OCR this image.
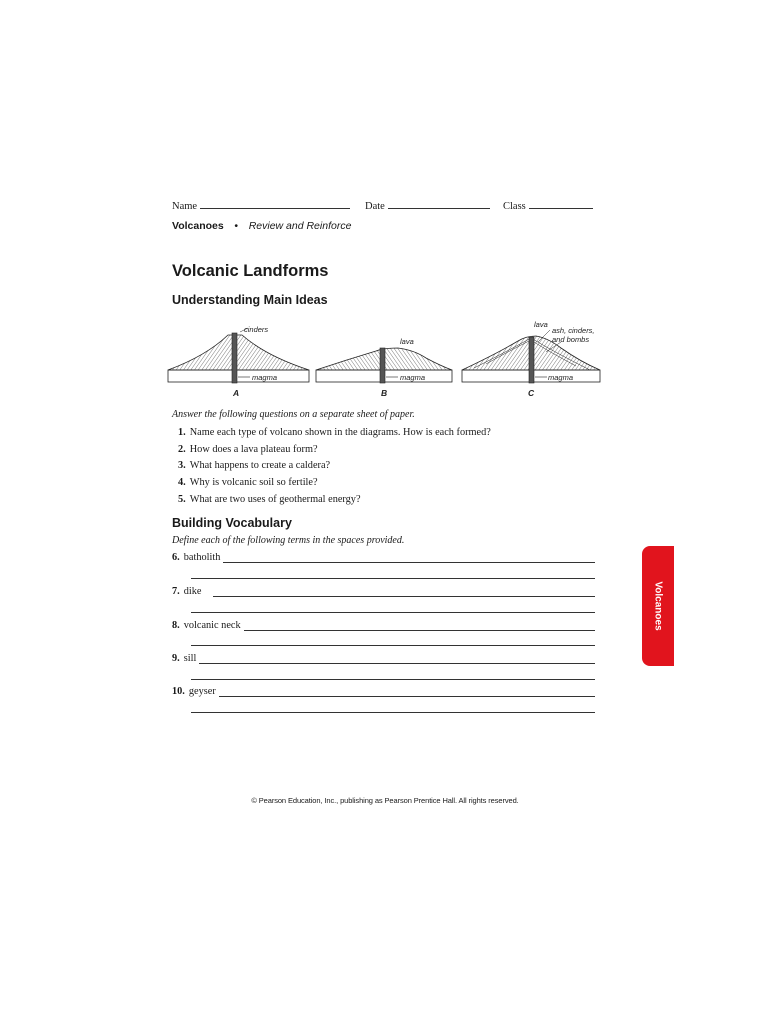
Name	Date	Class
Volcanoes • Review and Reinforce
Volcanic Landforms
Understanding Main Ideas
cinders
magma
A
lava
magma
B
lava
ash, cinders,
and bombs
magma
C
Answer the following questions on a separate sheet of paper.
1. Name each type of volcano shown in the diagrams. How is each formed?
2. How does a lava plateau form?
3. What happens to create a caldera?
4. Why is volcanic soil so fertile?
5. What are two uses of geothermal energy?
Building Vocabulary
Define each of the following terms in the spaces provided.
6. batholith
7. dike
8. volcanic neck
9. sill
10. geyser
Volcanoes
© Pearson Education, Inc., publishing as Pearson Prentice Hall. All rights reserved.
